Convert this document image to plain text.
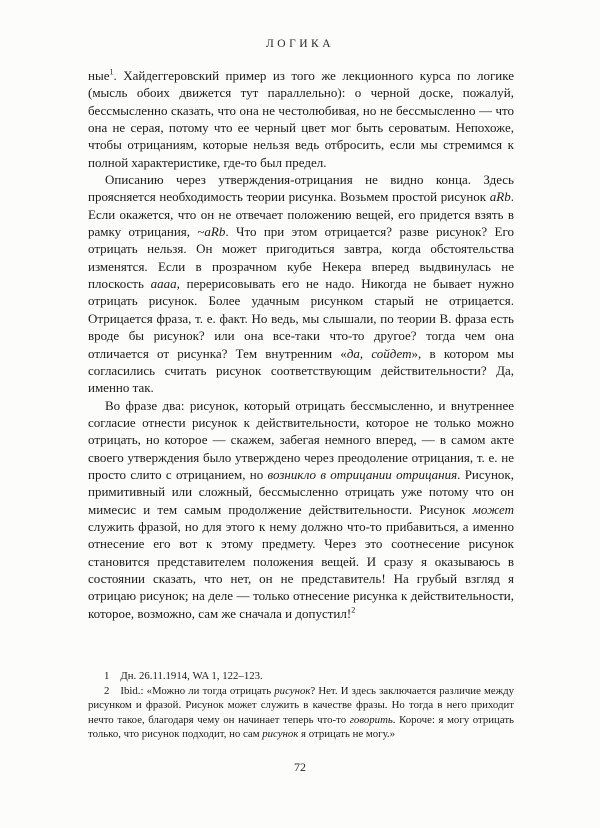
ЛОГИКА

ные$^1$. Хайдеггеровский пример из того же лекционного курса по логике (мысль обоих движется тут параллельно): о черной доске, пожалуй, бессмысленно сказать, что она не честолюбивая, но не бессмысленно — что она не серая, потому что ее черный цвет мог быть сероватым. Непохоже, чтобы отрицаниям, которые нельзя ведь отбросить, если мы стремимся к полной характеристике, где-то был предел.

Описанию через утверждения-отрицания не видно конца. Здесь проясняется необходимость теории рисунка. Возьмем простой рисунок aRb. Если окажется, что он не отвечает положению вещей, его придется взять в рамку отрицания, ~aRb. Что при этом отрицается? разве рисунок? Его отрицать нельзя. Он может пригодиться завтра, когда обстоятельства изменятся. Если в прозрачном кубе Некера вперед выдвинулась не плоскость aaaa, перерисовывать его не надо. Никогда не бывает нужно отрицать рисунок. Более удачным рисунком старый не отрицается. Отрицается фраза, т. е. факт. Но ведь, мы слышали, по теории В. фраза есть вроде бы рисунок? или она все-таки что-то другое? тогда чем она отличается от рисунка? Тем внутренним «да, сойдет», в котором мы согласились считать рисунок соответствующим действительности? Да, именно так.

Во фразе два: рисунок, который отрицать бессмысленно, и внутреннее согласие отнести рисунок к действительности, которое не только можно отрицать, но которое — скажем, забегая немного вперед, — в самом акте своего утверждения было утверждено через преодоление отрицания, т. е. не просто слито с отрицанием, но возникло в отрицании отрицания. Рисунок, примитивный или сложный, бессмысленно отрицать уже потому что он мимесис и тем самым продолжение действительности. Рисунок может служить фразой, но для этого к нему должно что-то прибавиться, а именно отнесение его вот к этому предмету. Через это соотнесение рисунок становится представителем положения вещей. И сразу я оказываюсь в состоянии сказать, что нет, он не представитель! На грубый взгляд я отрицаю рисунок; на деле — только отнесение рисунка к действительности, которое, возможно, сам же сначала и допустил!$^2$

1 Дн. 26.11.1914, WA 1, 122–123.

2 Ibid.: «Можно ли тогда отрицать рисунок? Нет. И здесь заключается различие между рисунком и фразой. Рисунок может служить в качестве фразы. Но тогда в него приходит нечто такое, благодаря чему он начинает теперь что-то говорить. Короче: я могу отрицать только, что рисунок подходит, но сам рисунок я отрицать не могу.»

72
